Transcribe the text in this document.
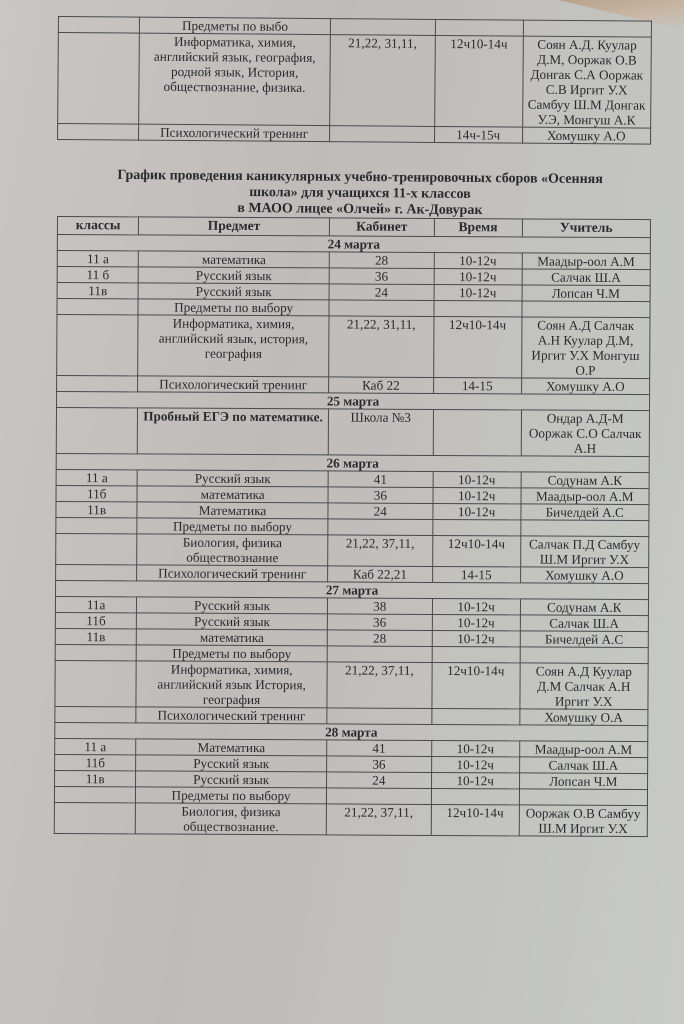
	Предметы по выбо			
	Информатика, химия, английский язык, география, родной язык, История, обществознание, физика.	21,22, 31,11,	12ч10-14ч	Соян А.Д. Куулар Д.М, Ооржак О.В Донгак С.А Ооржак С.В Иргит У.Х Самбуу Ш.М Донгак У.Э, Монгуш А.К
	Психологический тренинг		14ч-15ч	Хомушку А.О
График проведения каникулярных учебно-тренировочных сборов «Осенняя
школа» для учащихся 11-х классов
в МАОО лицее «Олчей» г. Ак-Довурак
классы	Предмет	Кабинет	Время	Учитель
24 марта				
11 а	математика	28	10-12ч	Маадыр-оол А.М
11 б	Русский язык	36	10-12ч	Салчак Ш.А
11в	Русский язык	24	10-12ч	Лопсан Ч.М
	Предметы по выбору			
	Информатика, химия, английский язык, история, география	21,22, 31,11,	12ч10-14ч	Соян А.Д Салчак А.Н Куулар Д.М, Иргит У.Х Монгуш О.Р
	Психологический тренинг	Каб 22	14-15	Хомушку А.О
25 марта				
	Пробный ЕГЭ по математике.	Школа №3		Ондар А.Д-М Ооржак С.О Салчак А.Н
26 марта				
11 а	Русский язык	41	10-12ч	Содунам А.К
11б	математика	36	10-12ч	Маадыр-оол А.М
11в	Математика	24	10-12ч	Бичелдей А.С
	Предметы по выбору			
	Биология, физика обществознание	21,22, 37,11,	12ч10-14ч	Салчак П.Д Самбуу Ш.М Иргит У.Х
	Психологический тренинг	Каб 22,21	14-15	Хомушку А.О
27 марта				
11а	Русский язык	38	10-12ч	Содунам А.К
11б	Русский язык	36	10-12ч	Салчак Ш.А
11в	математика	28	10-12ч	Бичелдей А.С
	Предметы по выбору			
	Информатика, химия, английский язык История, география	21,22, 37,11,	12ч10-14ч	Соян А.Д Куулар Д.М Салчак А.Н Иргит У.Х
	Психологический тренинг			Хомушку О.А
28 марта				
11 а	Математика	41	10-12ч	Маадыр-оол А.М
11б	Русский язык	36	10-12ч	Салчак Ш.А
11в	Русский язык	24	10-12ч	Лопсан Ч.М
	Предметы по выбору			
	Биология, физика обществознание.	21,22, 37,11,	12ч10-14ч	Ооржак О.В Самбуу Ш.М Иргит У.Х
